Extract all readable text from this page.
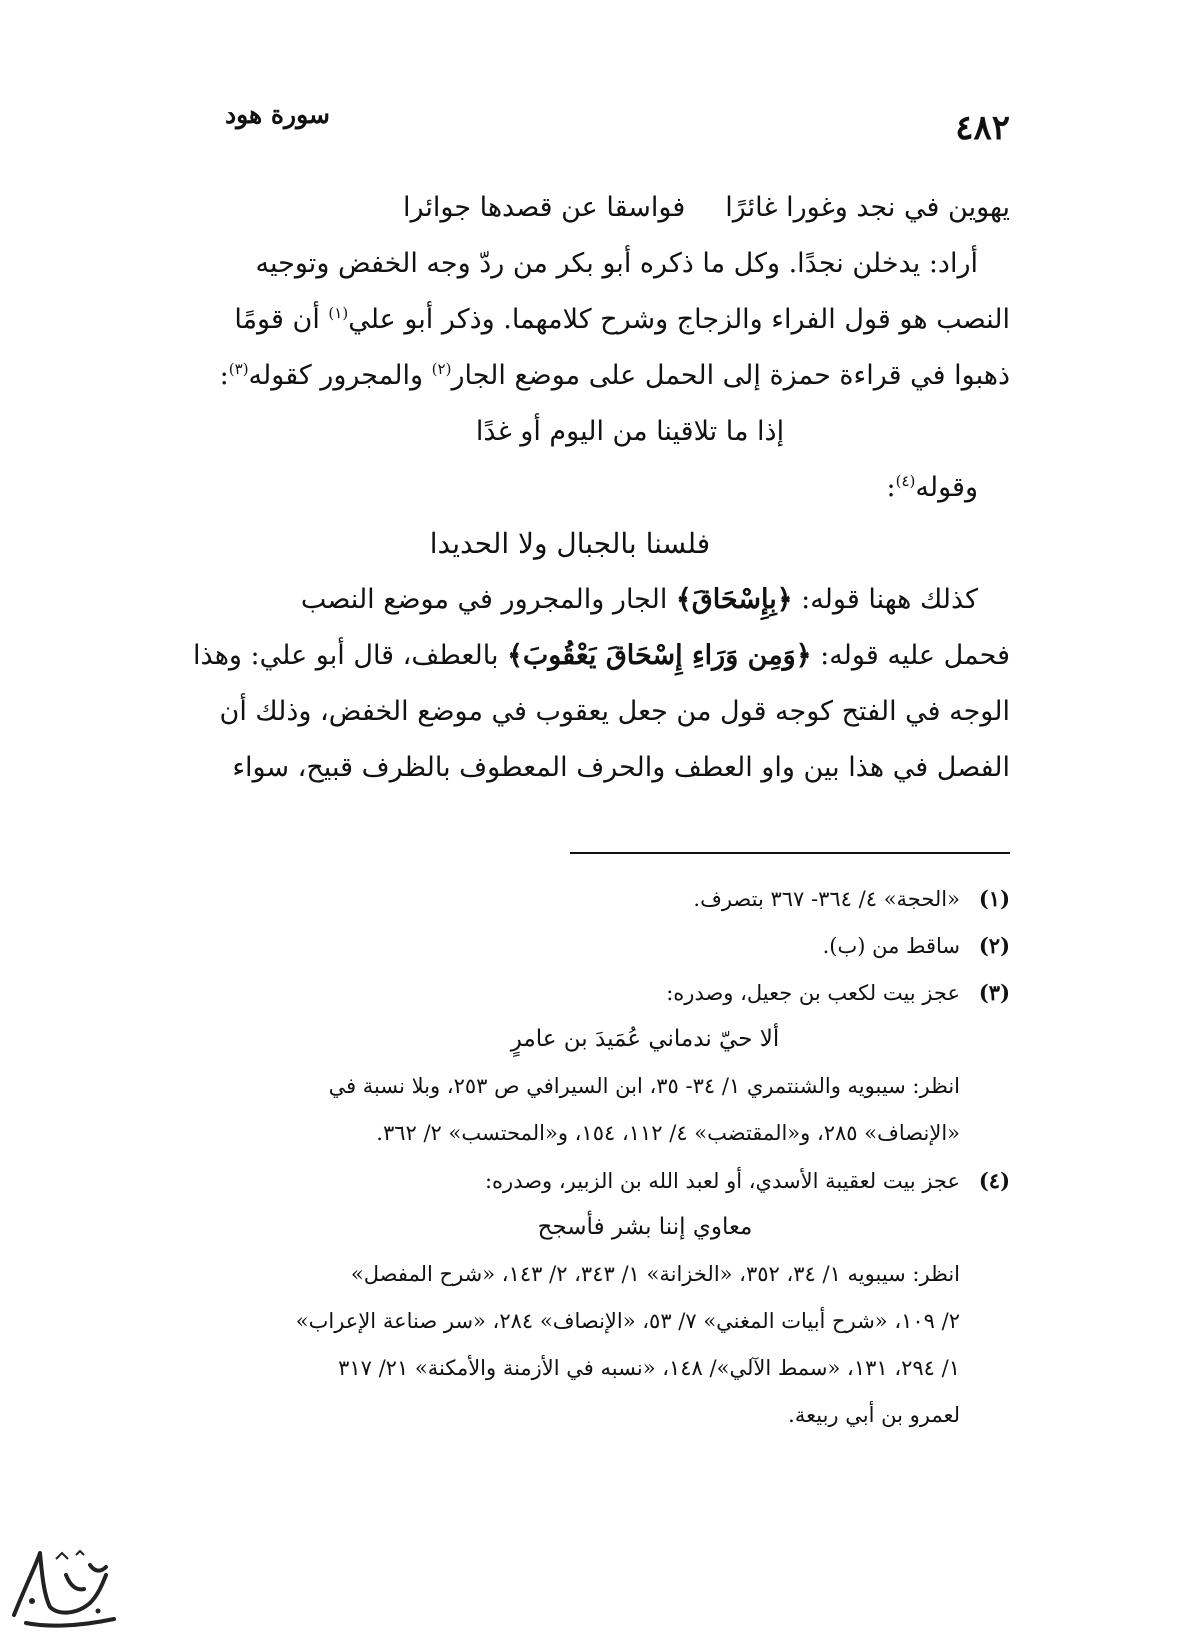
٤٨٢
سورة هود
يهوين في نجد وغورا غائرًافواسقا عن قصدها جوائرا
أراد: يدخلن نجدًا. وكل ما ذكره أبو بكر من ردّ وجه الخفض وتوجيه
النصب هو قول الفراء والزجاج وشرح كلامهما. وذكر أبو علي$^{(١)}$ أن قومًا
ذهبوا في قراءة حمزة إلى الحمل على موضع الجار$^{(٢)}$ والمجرور كقوله$^{(٣)}$:
إذا ما تلاقينا من اليوم أو غدًا
وقوله$^{(٤)}$:
فلسنا بالجبال ولا الحديدا
كذلك ههنا قوله: ﴿بِإِسْحَاقَ﴾ الجار والمجرور في موضع النصب
فحمل عليه قوله: ﴿وَمِن وَرَاءِ إِسْحَاقَ يَعْقُوبَ﴾ بالعطف، قال أبو علي: وهذا
الوجه في الفتح كوجه قول من جعل يعقوب في موضع الخفض، وذلك أن
الفصل في هذا بين واو العطف والحرف المعطوف بالظرف قبيح، سواء
(١)«الحجة» ٤/ ٣٦٤- ٣٦٧ بتصرف.
(٢)ساقط من (ب).
(٣)عجز بيت لكعب بن جعيل، وصدره:
ألا حيّ ندماني عُمَيدَ بن عامرٍ
انظر: سيبويه والشنتمري ١/ ٣٤- ٣٥، ابن السيرافي ص ٢٥٣، وبلا نسبة في
«الإنصاف» ٢٨٥، و«المقتضب» ٤/ ١١٢، ١٥٤، و«المحتسب» ٢/ ٣٦٢.
(٤)عجز بيت لعقيبة الأسدي، أو لعبد الله بن الزبير، وصدره:
معاوي إننا بشر فأسجح
انظر: سيبويه ١/ ٣٤، ٣٥٢، «الخزانة» ١/ ٣٤٣، ٢/ ١٤٣، «شرح المفصل»
٢/ ١٠٩، «شرح أبيات المغني» ٧/ ٥٣، «الإنصاف» ٢٨٤، «سر صناعة الإعراب»
١/ ٢٩٤، ١٣١، «سمط الآلي»/ ١٤٨، «نسبه في الأزمنة والأمكنة» ٢١/ ٣١٧
لعمرو بن أبي ربيعة.
